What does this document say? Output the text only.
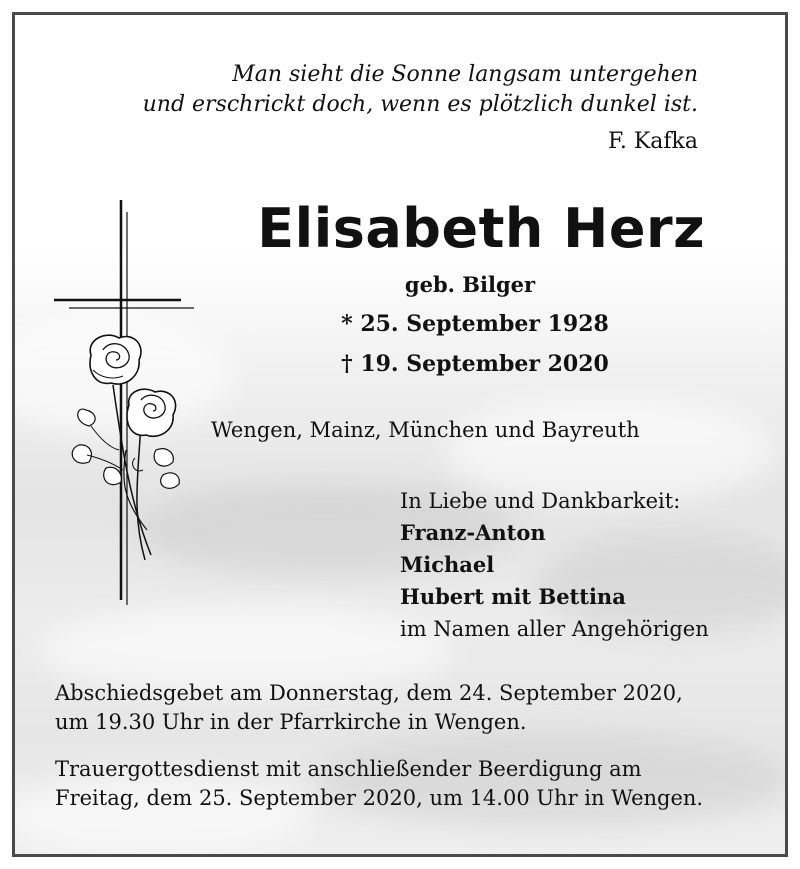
Man sieht die Sonne langsam untergehen
und erschrickt doch, wenn es plötzlich dunkel ist.
F. Kafka
Elisabeth Herz
geb. Bilger
* 25. September 1928
† 19. September 2020
Wengen, Mainz, München und Bayreuth
In Liebe und Dankbarkeit:
Franz-Anton
Michael
Hubert mit Bettina
im Namen aller Angehörigen
Abschiedsgebet am Donnerstag, dem 24. September 2020,
um 19.30 Uhr in der Pfarrkirche in Wengen.
Trauergottesdienst mit anschließender Beerdigung am
Freitag, dem 25. September 2020, um 14.00 Uhr in Wengen.
